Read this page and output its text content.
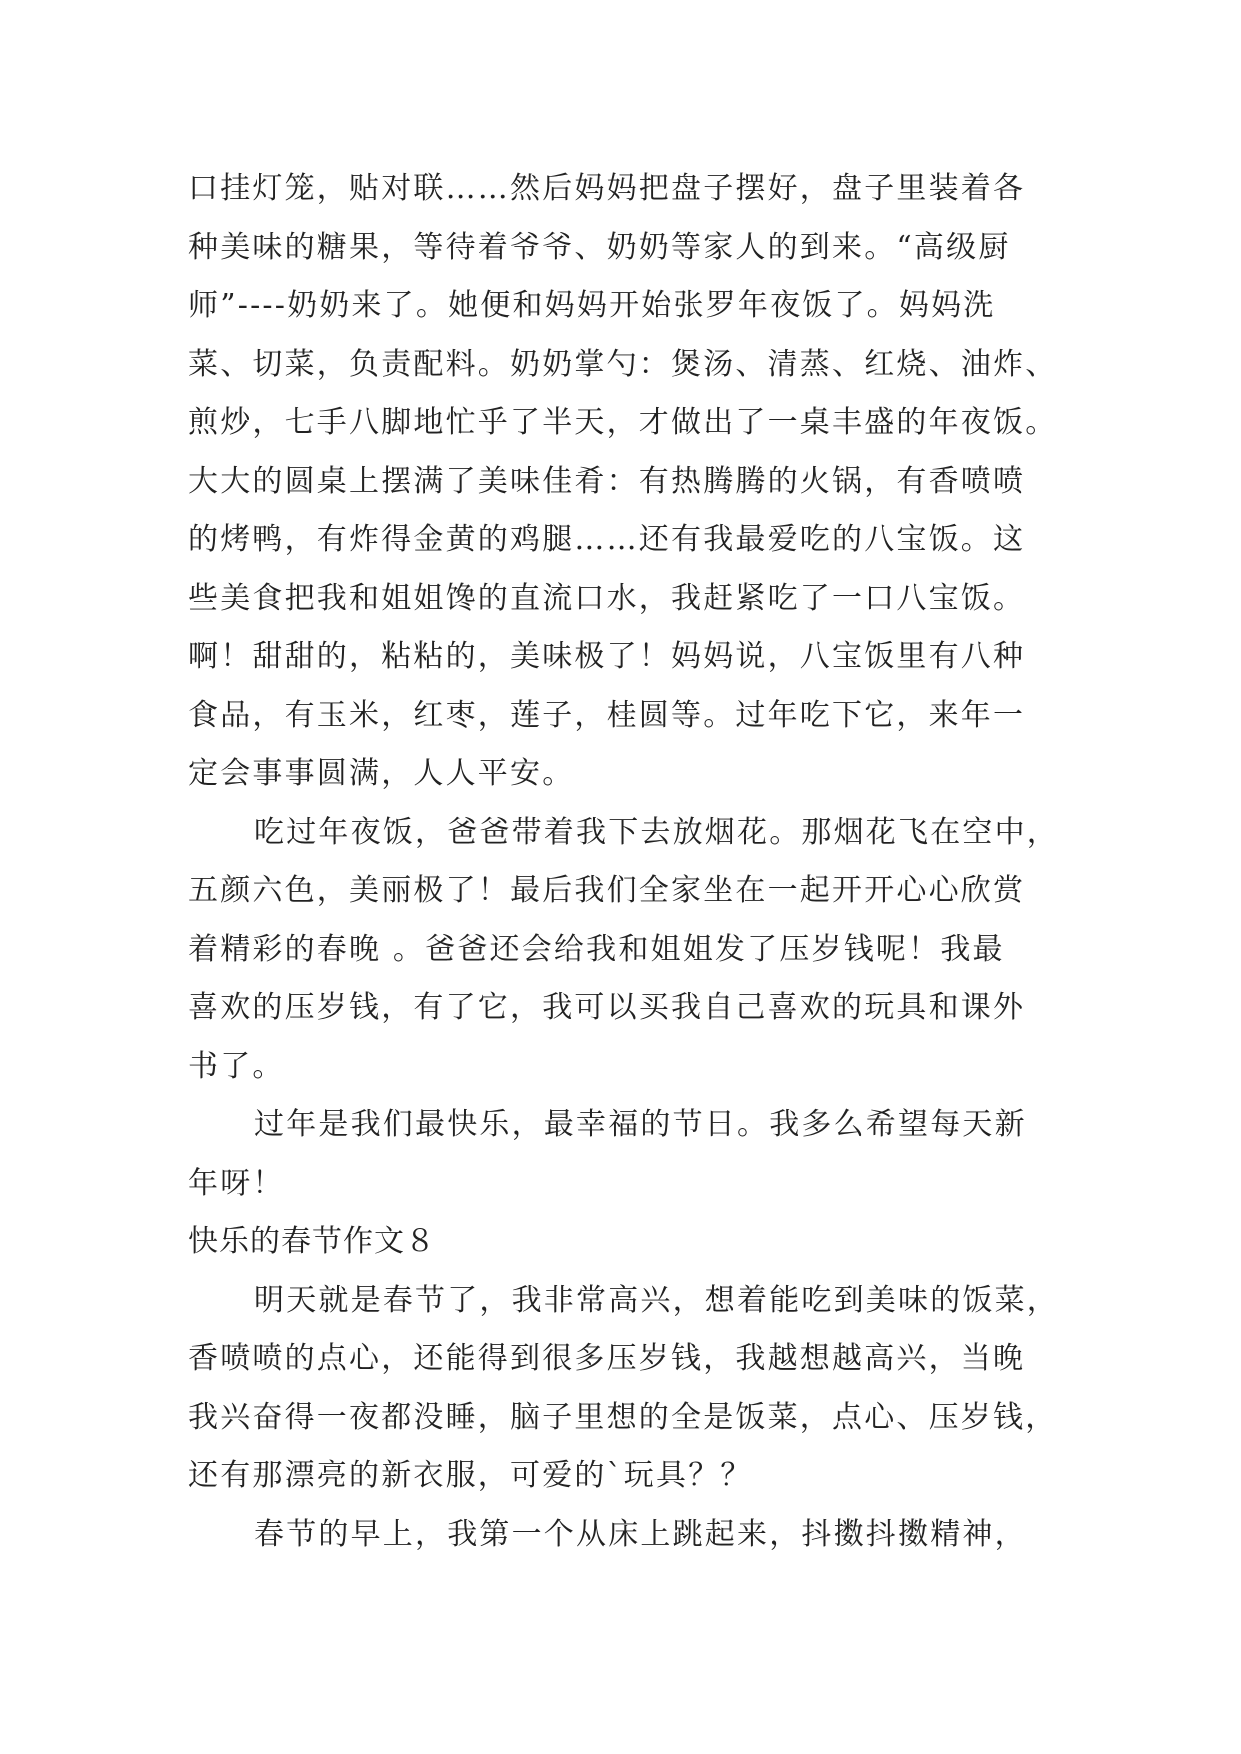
口挂灯笼，贴对联……然后妈妈把盘子摆好，盘子里装着各
种美味的糖果，等待着爷爷、奶奶等家人的到来。“高级厨
师”----奶奶来了。她便和妈妈开始张罗年夜饭了。妈妈洗
菜、切菜，负责配料。奶奶掌勺：煲汤、清蒸、红烧、油炸、
煎炒，七手八脚地忙乎了半天，才做出了一桌丰盛的年夜饭。
大大的圆桌上摆满了美味佳肴：有热腾腾的火锅，有香喷喷
的烤鸭，有炸得金黄的鸡腿……还有我最爱吃的八宝饭。这
些美食把我和姐姐馋的直流口水，我赶紧吃了一口八宝饭。
啊！甜甜的，粘粘的，美味极了！妈妈说，八宝饭里有八种
食品，有玉米，红枣，莲子，桂圆等。过年吃下它，来年一
定会事事圆满，人人平安。
吃过年夜饭，爸爸带着我下去放烟花。那烟花飞在空中，
五颜六色，美丽极了！最后我们全家坐在一起开开心心欣赏
着精彩的春晚 。爸爸还会给我和姐姐发了压岁钱呢！我最
喜欢的压岁钱，有了它，我可以买我自己喜欢的玩具和课外
书了。
过年是我们最快乐，最幸福的节日。我多么希望每天新
年呀！
快乐的春节作文８
明天就是春节了，我非常高兴，想着能吃到美味的饭菜，
香喷喷的点心，还能得到很多压岁钱，我越想越高兴，当晚
我兴奋得一夜都没睡，脑子里想的全是饭菜，点心、压岁钱，
还有那漂亮的新衣服，可爱的`玩具？？
春节的早上，我第一个从床上跳起来，抖擞抖擞精神，
